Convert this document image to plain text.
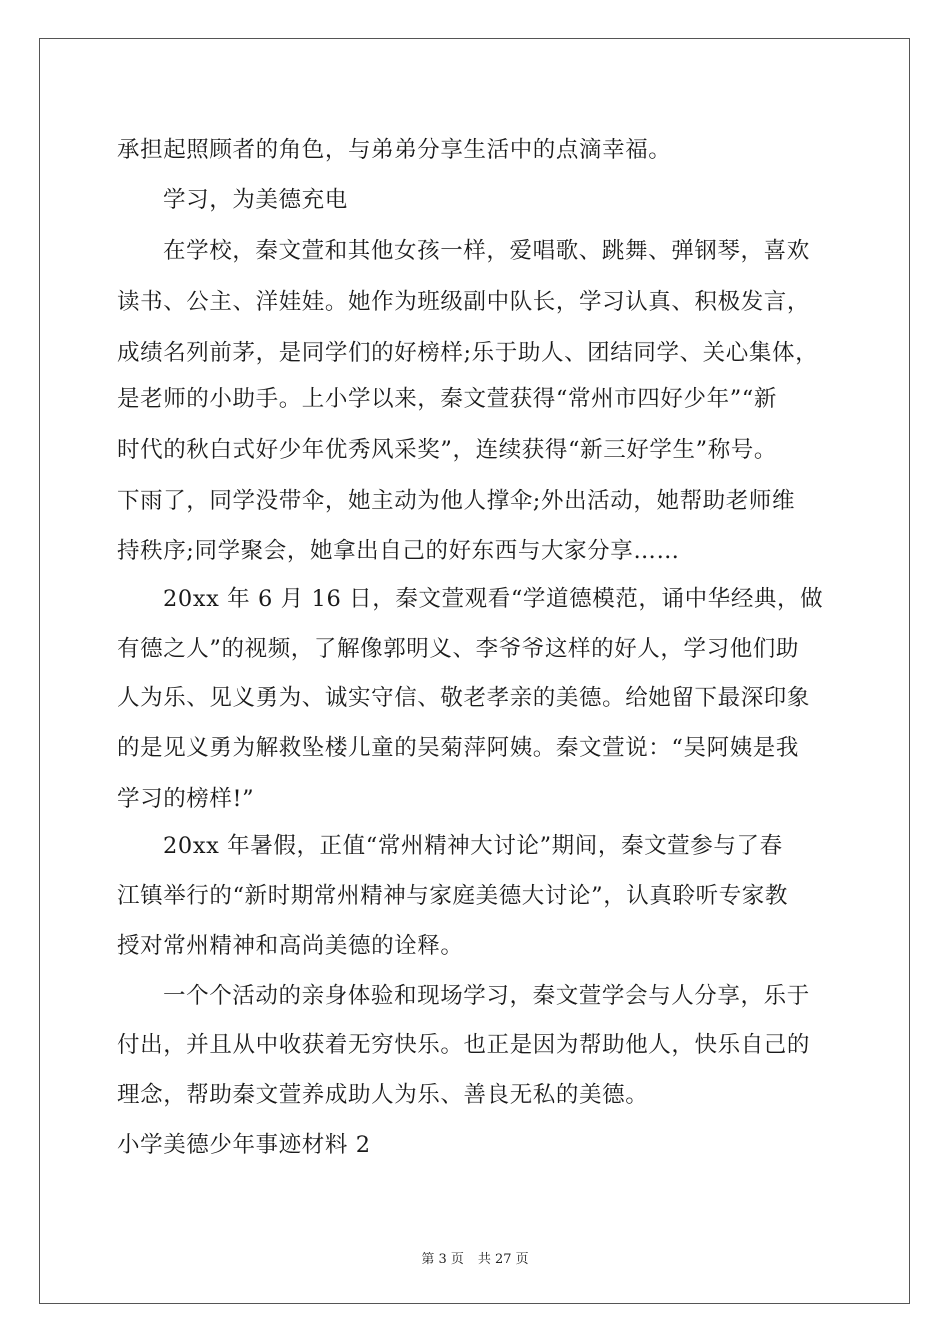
承担起照顾者的角色，与弟弟分享生活中的点滴幸福。
学习，为美德充电
在学校，秦文萱和其他女孩一样，爱唱歌、跳舞、弹钢琴，喜欢
读书、公主、洋娃娃。她作为班级副中队长，学习认真、积极发言，
成绩名列前茅，是同学们的好榜样;乐于助人、团结同学、关心集体，
是老师的小助手。上小学以来，秦文萱获得“常州市四好少年”“新
时代的秋白式好少年优秀风采奖”，连续获得“新三好学生”称号。
下雨了，同学没带伞，她主动为他人撑伞;外出活动，她帮助老师维
持秩序;同学聚会，她拿出自己的好东西与大家分享……
20xx 年 6 月 16 日，秦文萱观看“学道德模范，诵中华经典，做
有德之人”的视频，了解像郭明义、李爷爷这样的好人，学习他们助
人为乐、见义勇为、诚实守信、敬老孝亲的美德。给她留下最深印象
的是见义勇为解救坠楼儿童的吴菊萍阿姨。秦文萱说：“吴阿姨是我
学习的榜样!”
20xx 年暑假，正值“常州精神大讨论”期间，秦文萱参与了春
江镇举行的“新时期常州精神与家庭美德大讨论”，认真聆听专家教
授对常州精神和高尚美德的诠释。
一个个活动的亲身体验和现场学习，秦文萱学会与人分享，乐于
付出，并且从中收获着无穷快乐。也正是因为帮助他人，快乐自己的
理念，帮助秦文萱养成助人为乐、善良无私的美德。
小学美德少年事迹材料 2
第 3 页 共 27 页
